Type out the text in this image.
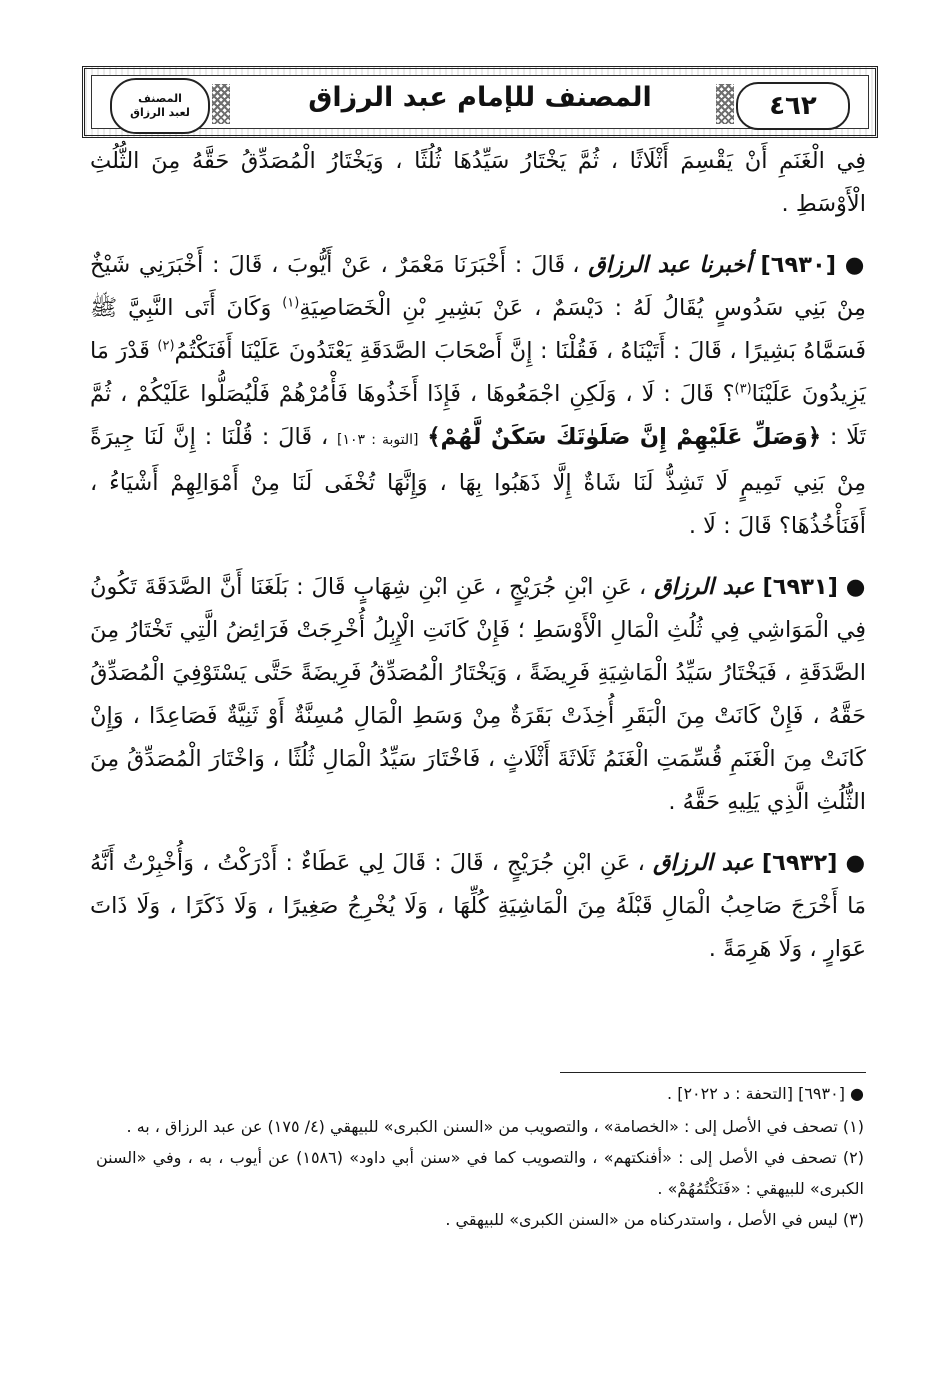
المصنف
لعبد الرزاق	المصنف للإمام عبد الرزاق	٤٦٢

فِي الْغَنَمِ أَنْ يَقْسِمَ أَثْلَاثًا ، ثُمَّ يَخْتَارُ سَيِّدُهَا ثُلُثًا ، وَيَخْتَارُ الْمُصَدِّقُ حَقَّهُ مِنَ الثُّلُثِ الْأَوْسَطِ .

● [٦٩٣٠] أخبرنا عبد الرزاق ، قَالَ : أَخْبَرَنَا مَعْمَرٌ ، عَنْ أَيُّوبَ ، قَالَ : أَخْبَرَنِي شَيْخٌ مِنْ بَنِي سَدُوسٍ يُقَالُ لَهُ : دَيْسَمٌ ، عَنْ بَشِيرِ بْنِ الْخَصَاصِيَةِ$^{(١)}$ وَكَانَ أَتَى النَّبِيَّ ﷺ فَسَمَّاهُ بَشِيرًا ، قَالَ : أَتَيْنَاهُ ، فَقُلْنَا : إِنَّ أَصْحَابَ الصَّدَقَةِ يَعْتَدُونَ عَلَيْنَا أَفَنَكْتُمُ$^{(٢)}$ قَدْرَ مَا يَزِيدُونَ عَلَيْنَا$^{(٣)}$؟ قَالَ : لَا ، وَلَكِنِ اجْمَعُوهَا ، فَإِذَا أَخَذُوهَا فَأْمُرْهُمْ فَلْيُصَلُّوا عَلَيْكُمْ ، ثُمَّ تَلَا : ﴿وَصَلِّ عَلَيْهِمْ إِنَّ صَلَوٰتَكَ سَكَنٌ لَّهُمْ﴾ [التوبة : ١٠٣] ، قَالَ : قُلْنَا : إِنَّ لَنَا جِيرَةً مِنْ بَنِي تَمِيمٍ لَا تَشِذُّ لَنَا شَاةٌ إِلَّا ذَهَبُوا بِهَا ، وَإِنَّهَا تُخْفَى لَنَا مِنْ أَمْوَالِهِمْ أَشْيَاءُ ، أَفَنَأْخُذُهَا؟ قَالَ : لَا .

● [٦٩٣١] عبد الرزاق ، عَنِ ابْنِ جُرَيْجٍ ، عَنِ ابْنِ شِهَابٍ قَالَ : بَلَغَنَا أَنَّ الصَّدَقَةَ تَكُونُ فِي الْمَوَاشِي فِي ثُلُثِ الْمَالِ الْأَوْسَطِ ؛ فَإِنْ كَانَتِ الْإِبِلُ أُخْرِجَتْ فَرَائِضُ الَّتِي تَخْتَارُ مِنَ الصَّدَقَةِ ، فَيَخْتَارُ سَيِّدُ الْمَاشِيَةِ فَرِيضَةً ، وَيَخْتَارُ الْمُصَدِّقُ فَرِيضَةً حَتَّى يَسْتَوْفِيَ الْمُصَدِّقُ حَقَّهُ ، فَإِنْ كَانَتْ مِنَ الْبَقَرِ أُخِذَتْ بَقَرَةٌ مِنْ وَسَطِ الْمَالِ مُسِنَّةٌ أَوْ ثَنِيَّةٌ فَصَاعِدًا ، وَإِنْ كَانَتْ مِنَ الْغَنَمِ قُسِّمَتِ الْغَنَمُ ثَلَاثَةَ أَثْلَاثٍ ، فَاخْتَارَ سَيِّدُ الْمَالِ ثُلُثًا ، وَاخْتَارَ الْمُصَدِّقُ مِنَ الثُّلُثِ الَّذِي يَلِيهِ حَقَّهُ .

● [٦٩٣٢] عبد الرزاق ، عَنِ ابْنِ جُرَيْجٍ ، قَالَ : قَالَ لِي عَطَاءٌ : أَدْرَكْتُ ، وَأُخْبِرْتُ أَنَّهُ مَا أَخْرَجَ صَاحِبُ الْمَالِ قَبْلَهُ مِنَ الْمَاشِيَةِ كُلِّهَا ، وَلَا يُخْرِجُ صَغِيرًا ، وَلَا ذَكَرًا ، وَلَا ذَاتَ عَوَارٍ ، وَلَا هَرِمَةً .

● [٦٩٣٠] [التحفة : د ٢٠٢٢] .

(١) تصحف في الأصل إلى : «الخصامة» ، والتصويب من «السنن الكبرى» للبيهقي (٤/ ١٧٥) عن عبد الرزاق ، به .

(٢) تصحف في الأصل إلى : «أفنكتهم» ، والتصويب كما في «سنن أبي داود» (١٥٨٦) عن أيوب ، به ، وفي «السنن الكبرى» للبيهقي : «فَنَكْتُمُهُمْ» .

(٣) ليس في الأصل ، واستدركناه من «السنن الكبرى» للبيهقي .
